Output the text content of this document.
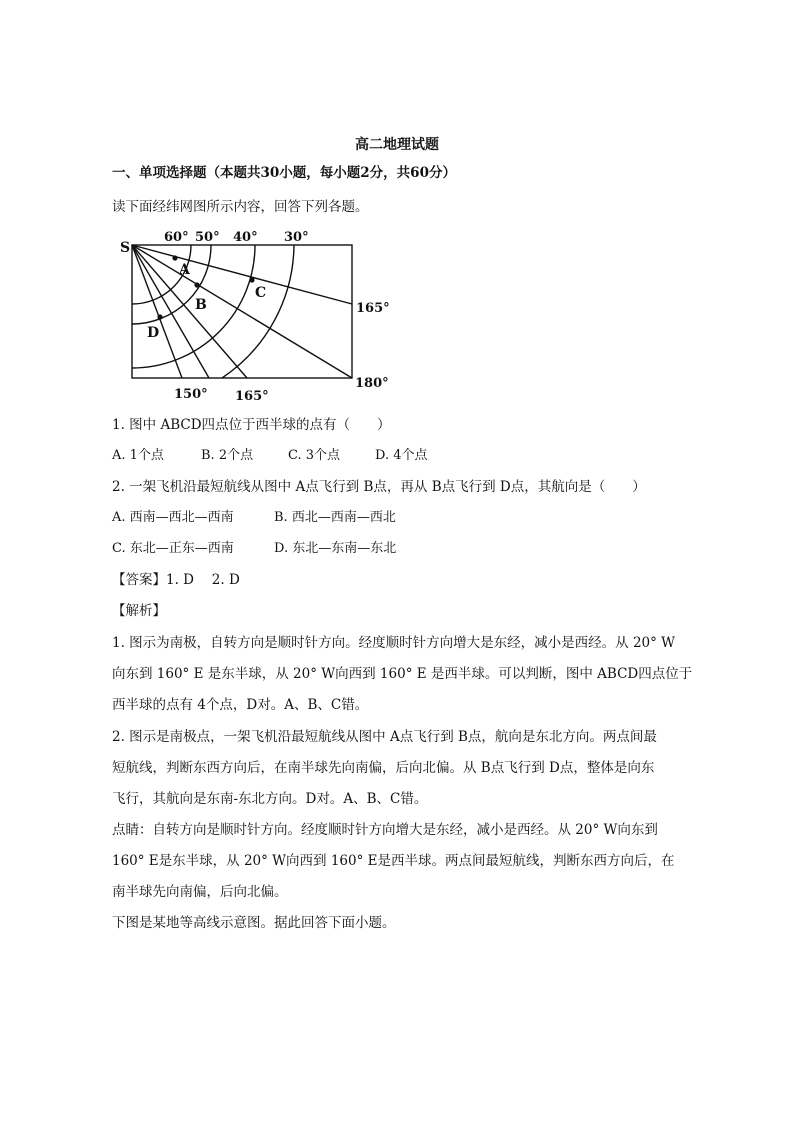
高二地理试题
一、单项选择题（本题共30小题，每小题2分，共60分）
读下面经纬网图所示内容，回答下列各题。
S
60° 50° 40° 30°
165°
180°
150° 165°
A
B
C
D
1. 图中 ABCD四点位于西半球的点有（　　）
A. 1个点	B. 2个点	C. 3个点	D. 4个点
2. 一架飞机沿最短航线从图中 A点飞行到 B点，再从 B点飞行到 D点，其航向是（　　）
A. 西南—西北—西南	B. 西北—西南—西北
C. 东北—正东—西南	D. 东北—东南—东北
【答案】1. D　 2. D
【解析】
1. 图示为南极，自转方向是顺时针方向。经度顺时针方向增大是东经，减小是西经。从 20° W
向东到 160° E 是东半球，从 20° W向西到 160° E 是西半球。可以判断，图中 ABCD四点位于
西半球的点有 4个点，D对。A、B、C错。
2. 图示是南极点，一架飞机沿最短航线从图中 A点飞行到 B点，航向是东北方向。两点间最
短航线，判断东西方向后，在南半球先向南偏，后向北偏。从 B点飞行到 D点，整体是向东
飞行，其航向是东南-东北方向。D对。A、B、C错。
点睛：自转方向是顺时针方向。经度顺时针方向增大是东经，减小是西经。从 20° W向东到
160° E是东半球，从 20° W向西到 160° E是西半球。两点间最短航线，判断东西方向后，在
南半球先向南偏，后向北偏。
下图是某地等高线示意图。据此回答下面小题。
